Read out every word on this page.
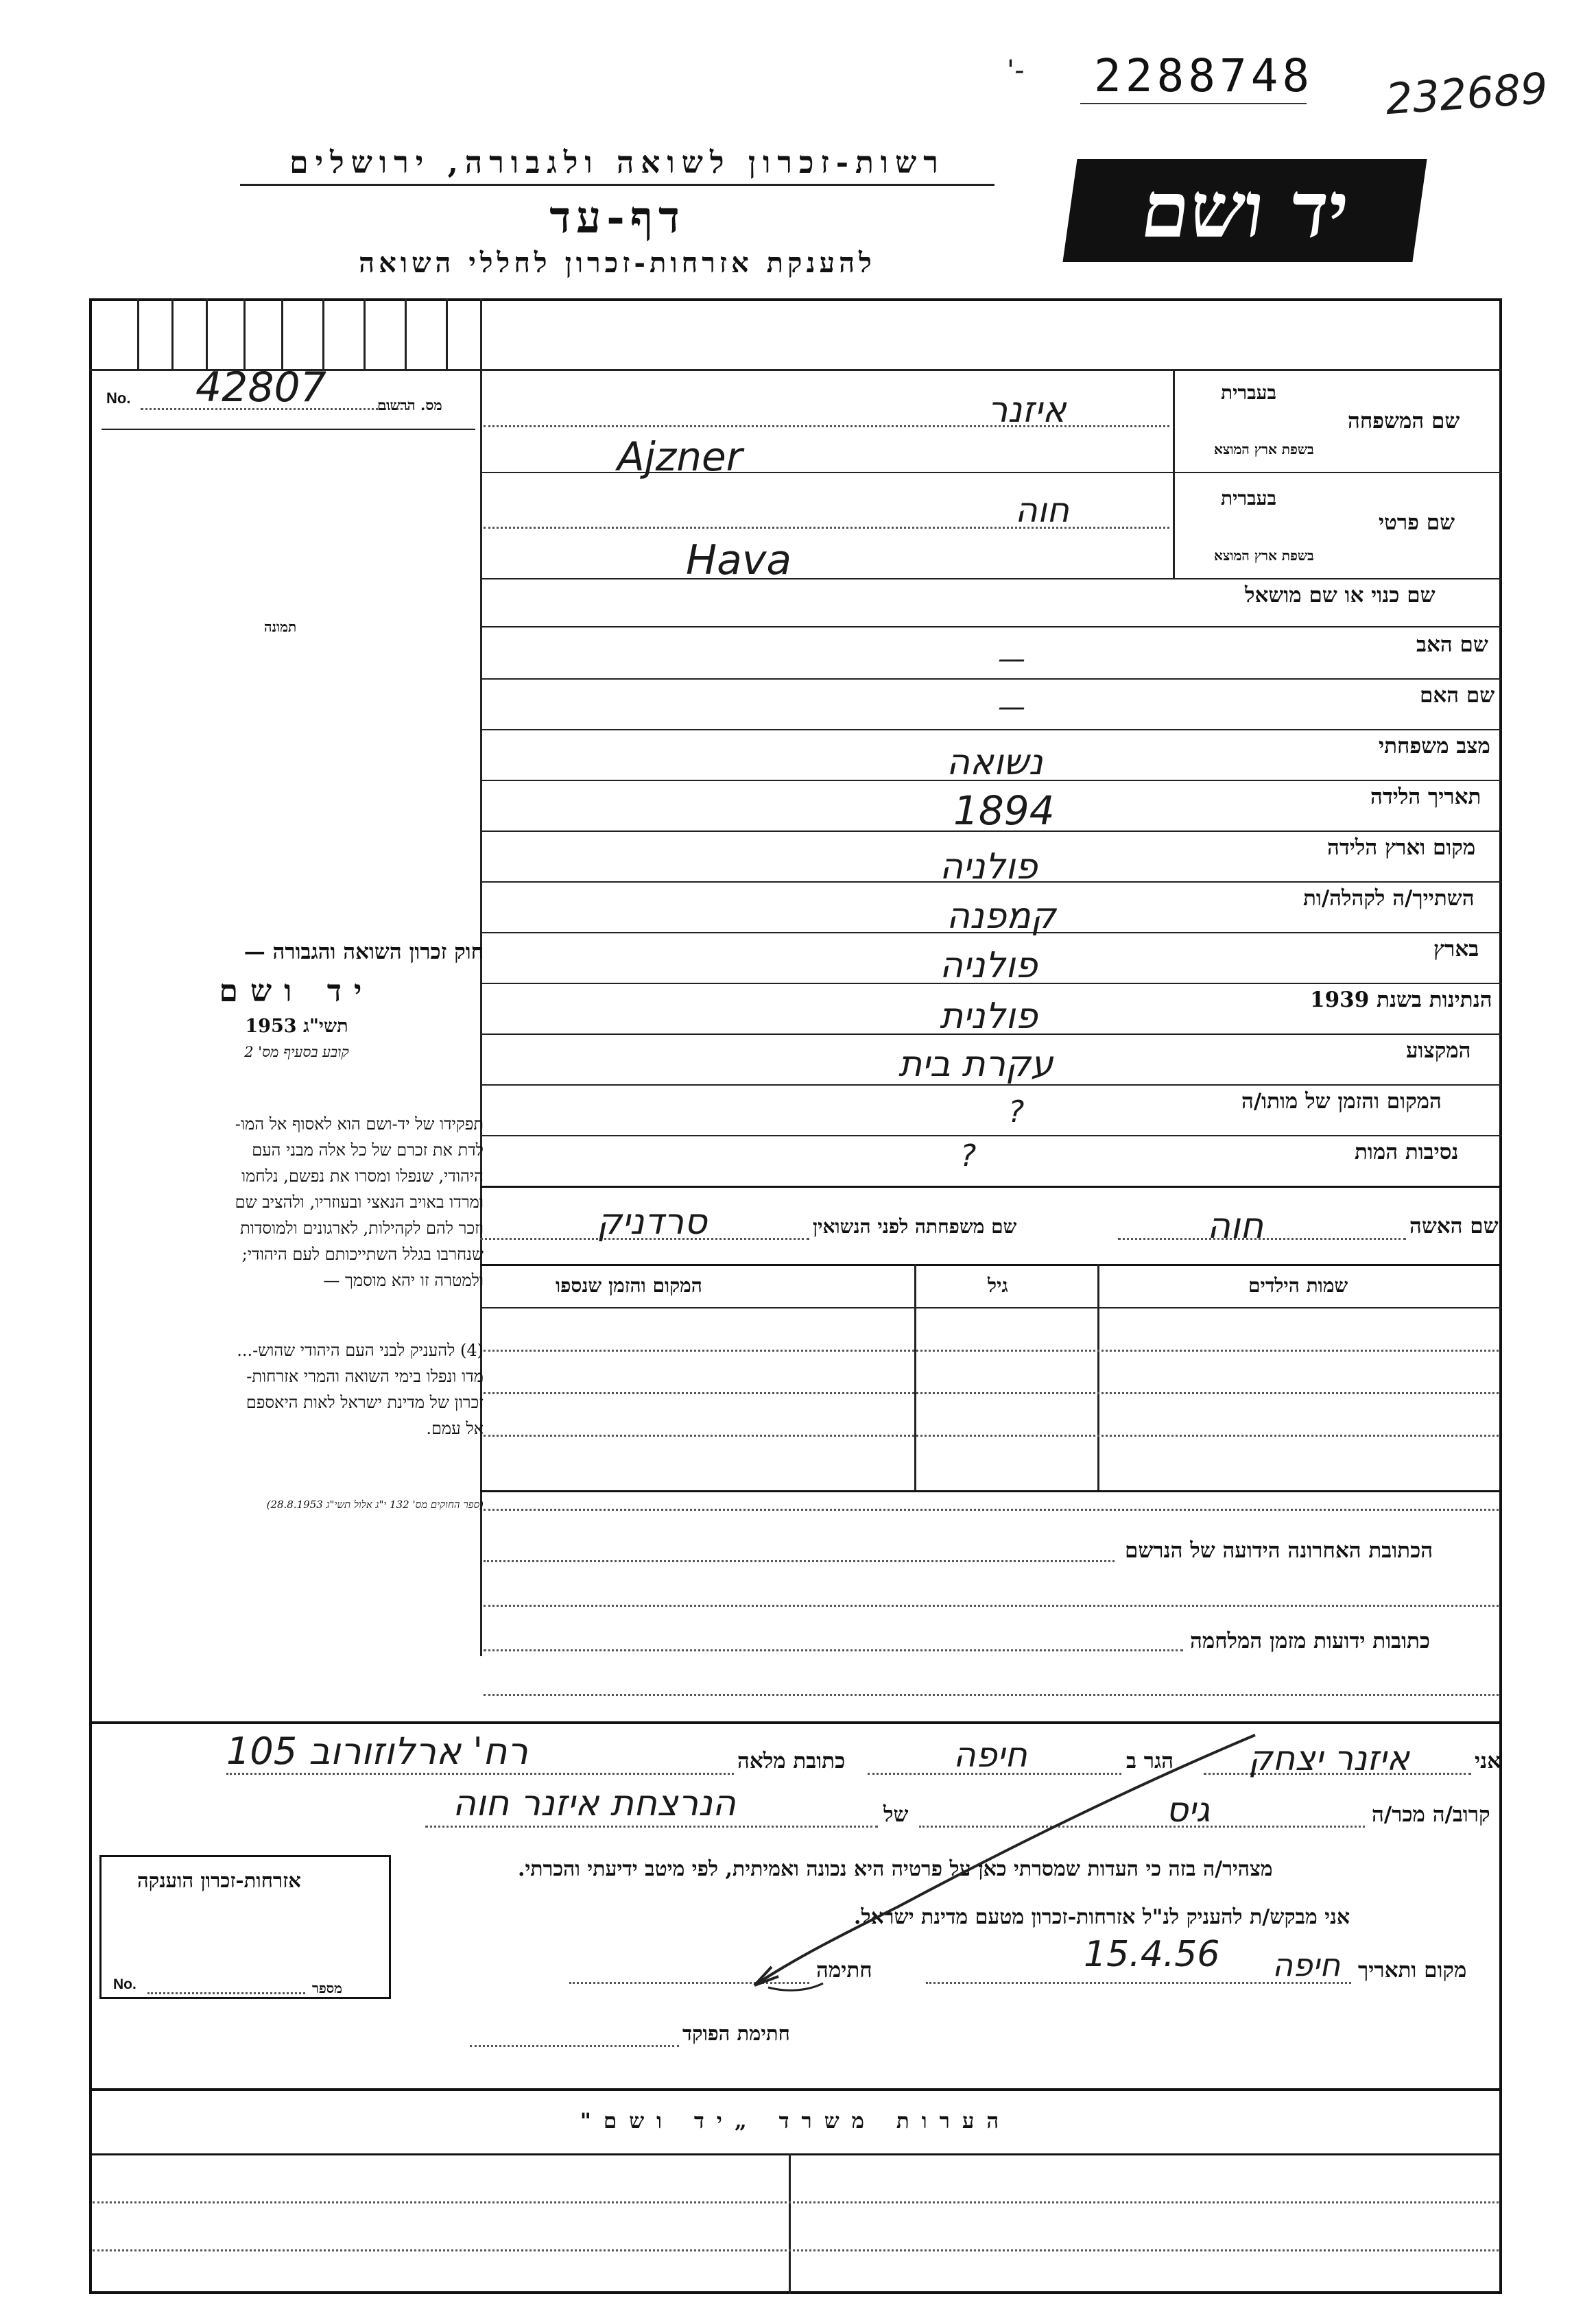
'- 2288748 232689
יד ושם
רשות-זכרון לשואה ולגבורה, ירושלים
דף-עד
להענקת אזרחות-זכרון לחללי השואה
No. 42807	מס. הרשום
תמונה
חוק זכרון השואה והגבורה —
יד ושם
תשי"ג 1953
קובע בסעיף מס' 2

תפקידו של יד-ושם הוא לאסוף אל המו-

לדת את זכרם של כל אלה מבני העם

היהודי, שנפלו ומסרו את נפשם, נלחמו

ומרדו באויב הנאצי ובעוזריו, ולהציב שם

וזכר להם לקהילות, לארגונים ולמוסדות

שנחרבו בגלל השתייכותם לעם היהודי;

ולמטרה זו יהא מוסמך —

(4) להעניק לבני העם היהודי שהוש-...

מדו ונפלו בימי השואה והמרי אזרחות-

זכרון של מדינת ישראל לאות היאספם

אל עמם.

(ספר החוקים מס' 132 י"ג אלול תשי"ג 28.8.1953)
בעברית
בשפת ארץ המוצא
שם המשפחה
איזנר
Ajzner
בעברית
בשפת ארץ המוצא
שם פרטי
חוה
Hava
שם כנוי או שם מושאל
שם האב
—
שם האם
—
מצב משפחתי
נשואה
תאריך הלידה
1894
מקום וארץ הלידה
פולניה
השתייך/ה לקהלה/ות
קמפנה
בארץ
פולניה
הנתינות בשנת 1939
פולנית
המקצוע
עקרת בית
המקום והזמן של מותו/ה
?
נסיבות המות
?
שם האשה
חוה
שם משפחתה לפני הנשואין
סרדניק
שמות הילדים
גיל
המקום והזמן שנספו
הכתובת האחרונה הידועה של הנרשם
כתובות ידועות מזמן המלחמה
אני
איזנר יצחק
הגר ב
חיפה
כתובת מלאה
רח' ארלוזורוב 105
קרוב/ה מכר/ה
גיס
של
הנרצחת איזנר חוה
מצהיר/ה בזה כי העדות שמסרתי כאן על פרטיה היא נכונה ואמיתית, לפי מיטב ידיעתי והכרתי.
אני מבקש/ת להעניק לנ"ל אזרחות-זכרון מטעם מדינת ישראל.
מקום ותאריך
חיפה
15.4.56
חתימה
חתימת הפוקד
אזרחות-זכרון הוענקה
No.	מספר
הערות משרד „יד ושם"
